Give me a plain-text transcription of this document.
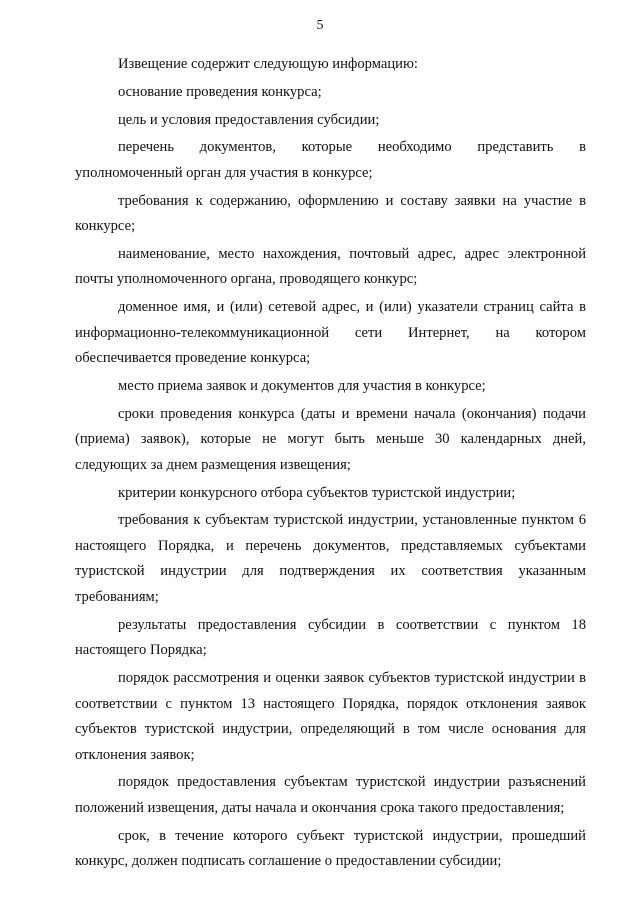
5

Извещение содержит следующую информацию:

основание проведения конкурса;

цель и условия предоставления субсидии;

перечень документов, которые необходимо представить в уполномоченный орган для участия в конкурсе;

требования к содержанию, оформлению и составу заявки на участие в конкурсе;

наименование, место нахождения, почтовый адрес, адрес электронной почты уполномоченного органа, проводящего конкурс;

доменное имя, и (или) сетевой адрес, и (или) указатели страниц сайта в информационно-телекоммуникационной сети Интернет, на котором обеспечивается проведение конкурса;

место приема заявок и документов для участия в конкурсе;

сроки проведения конкурса (даты и времени начала (окончания) подачи (приема) заявок), которые не могут быть меньше 30 календарных дней, следующих за днем размещения извещения;

критерии конкурсного отбора субъектов туристской индустрии;

требования к субъектам туристской индустрии, установленные пунктом 6 настоящего Порядка, и перечень документов, представляемых субъектами туристской индустрии для подтверждения их соответствия указанным требованиям;

результаты предоставления субсидии в соответствии с пунктом 18 настоящего Порядка;

порядок рассмотрения и оценки заявок субъектов туристской индустрии в соответствии с пунктом 13 настоящего Порядка, порядок отклонения заявок субъектов туристской индустрии, определяющий в том числе основания для отклонения заявок;

порядок предоставления субъектам туристской индустрии разъяснений положений извещения, даты начала и окончания срока такого предоставления;

срок, в течение которого субъект туристской индустрии, прошедший конкурс, должен подписать соглашение о предоставлении субсидии;
